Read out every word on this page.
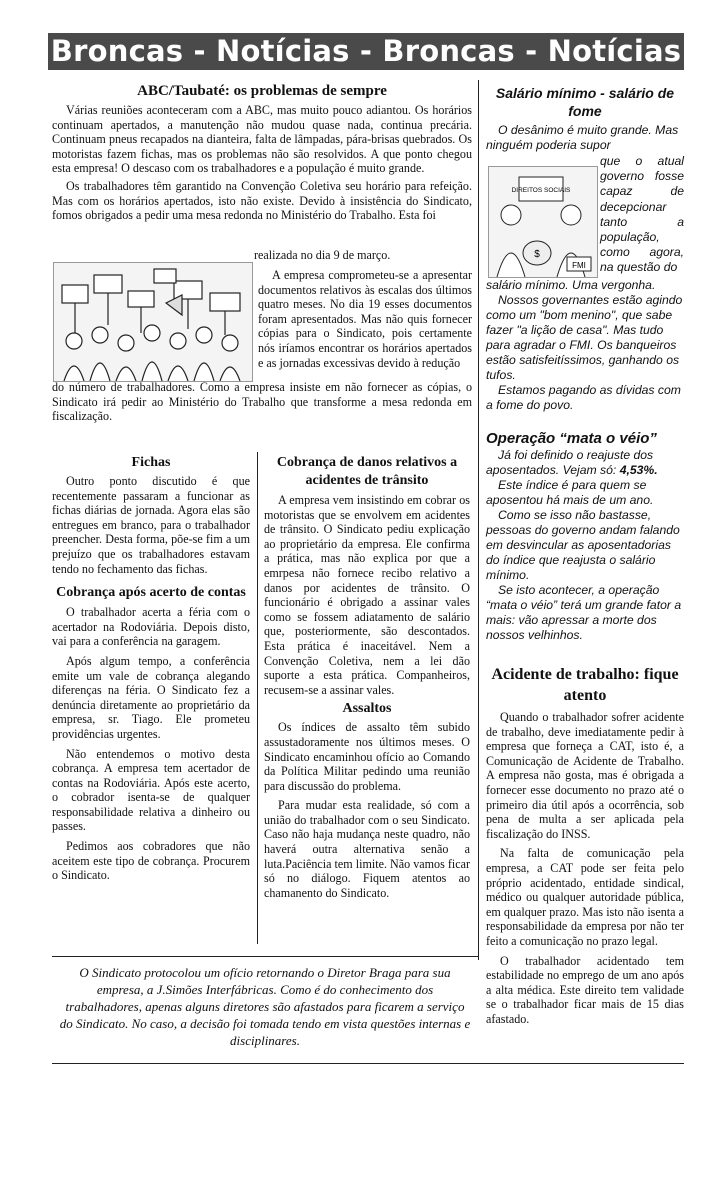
Broncas - Notícias - Broncas - Notícias
ABC/Taubaté: os problemas de sempre

Várias reuniões aconteceram com a ABC, mas muito pouco adiantou. Os horários continuam apertados, a manutenção não mudou quase nada, continua precária. Continuam pneus recapados na dianteira, falta de lâmpadas, pára-brisas quebrados. Os motoristas fazem fichas, mas os problemas não são resolvidos. A que ponto chegou esta empresa! O descaso com os trabalhadores e a população é muito grande.

Os trabalhadores têm garantido na Convenção Coletiva seu horário para refeição. Mas com os horários apertados, isto não existe. Devido à insistência do Sindicato, fomos obrigados a pedir uma mesa redonda no Ministério do Trabalho. Esta foi

realizada no dia 9 de março.

A empresa comprometeu-se a apresentar documentos relativos às escalas dos últimos quatro meses. No dia 19 esses documentos foram apresentados. Mas não quis fornecer cópias para o Sindicato, pois certamente nós iríamos encontrar os horários apertados e as jornadas excessivas devido à redução

do número de trabalhadores. Como a empresa insiste em não fornecer as cópias, o Sindicato irá pedir ao Ministério do Trabalho que transforme a mesa redonda em fiscalização.

Fichas

Outro ponto discutido é que recentemente passaram a funcionar as fichas diárias de jornada. Agora elas são entregues em branco, para o trabalhador preencher. Desta forma, põe-se fim a um prejuízo que os trabalhadores estavam tendo no fechamento das fichas.

Cobrança após acerto de contas

O trabalhador acerta a féria com o acertador na Rodoviária. Depois disto, vai para a conferência na garagem.

Após algum tempo, a conferência emite um vale de cobrança alegando diferenças na féria. O Sindicato fez a denúncia diretamente ao proprietário da empresa, sr. Tiago. Ele prometeu providências urgentes.

Não entendemos o motivo desta cobrança. A empresa tem acertador de contas na Rodoviária. Após este acerto, o cobrador isenta-se de qualquer responsabilidade relativa a dinheiro ou passes.

Pedimos aos cobradores que não aceitem este tipo de cobrança. Procurem o Sindicato.

Cobrança de danos relativos a acidentes de trânsito

A empresa vem insistindo em cobrar os motoristas que se envolvem em acidentes de trânsito. O Sindicato pediu explicação ao proprietário da empresa. Ele confirma a prática, mas não explica por que a emrpesa não fornece recibo relativo a danos por acidentes de trânsito. O funcionário é obrigado a assinar vales como se fossem adiatamento de salário que, posteriormente, são descontados. Esta prática é inaceitável. Nem a Convenção Coletiva, nem a lei dão suporte a esta prática. Companheiros, recusem-se a assinar vales.

Assaltos

Os índices de assalto têm subido assustadoramente nos últimos meses. O Sindicato encaminhou ofício ao Comando da Política Militar pedindo uma reunião para discussão do problema.

Para mudar esta realidade, só com a união do trabalhador com o seu Sindicato. Caso não haja mudança neste quadro, não haverá outra alternativa senão a luta.Paciência tem limite. Não vamos ficar só no diálogo. Fiquem atentos ao chamanento do Sindicato.

O Sindicato protocolou um ofício retornando o Diretor Braga para sua empresa, a J.Simões Interfábricas. Como é do conhecimento dos trabalhadores, apenas alguns diretores são afastados para ficarem a serviço do Sindicato. No caso, a decisão foi tomada tendo em vista questões internas e disciplinares.

Salário mínimo - salário de fome

O desânimo é muito grande. Mas ninguém poderia supor

DIREITOS SOCIAIS
$
FMI

que o atual governo fosse capaz de decepcionar tanto a população, como agora, na questão do

salário mínimo. Uma vergonha.

Nossos governantes estão agindo como um "bom menino", que sabe fazer "a lição de casa". Mas tudo para agradar o FMI. Os banqueiros estão satisfeitíssimos, ganhando os tufos.

Estamos pagando as dívidas com a fome do povo.

Operação “mata o véio”

Já foi definido o reajuste dos aposentados. Vejam só: 4,53%.

Este índice é para quem se aposentou há mais de um ano.

Como se isso não bastasse, pessoas do governo andam falando em desvincular as aposentadorias do índice que reajusta o salário mínimo.

Se isto acontecer, a operação “mata o véio” terá um grande fator a mais: vão apressar a morte dos nossos velhinhos.

Acidente de trabalho: fique atento

Quando o trabalhador sofrer acidente de trabalho, deve imediatamente pedir à empresa que forneça a CAT, isto é, a Comunicação de Acidente de Trabalho. A empresa não gosta, mas é obrigada a fornecer esse documento no prazo até o primeiro dia útil após a ocorrência, sob pena de multa a ser aplicada pela fiscalização do INSS.

Na falta de comunicação pela empresa, a CAT pode ser feita pelo próprio acidentado, entidade sindical, médico ou qualquer autoridade pública, em qualquer prazo. Mas isto não isenta a responsabilidade da empresa por não ter feito a comunicação no prazo legal.

O trabalhador acidentado tem estabilidade no emprego de um ano após a alta médica. Este direito tem validade se o trabalhador ficar mais de 15 dias afastado.
